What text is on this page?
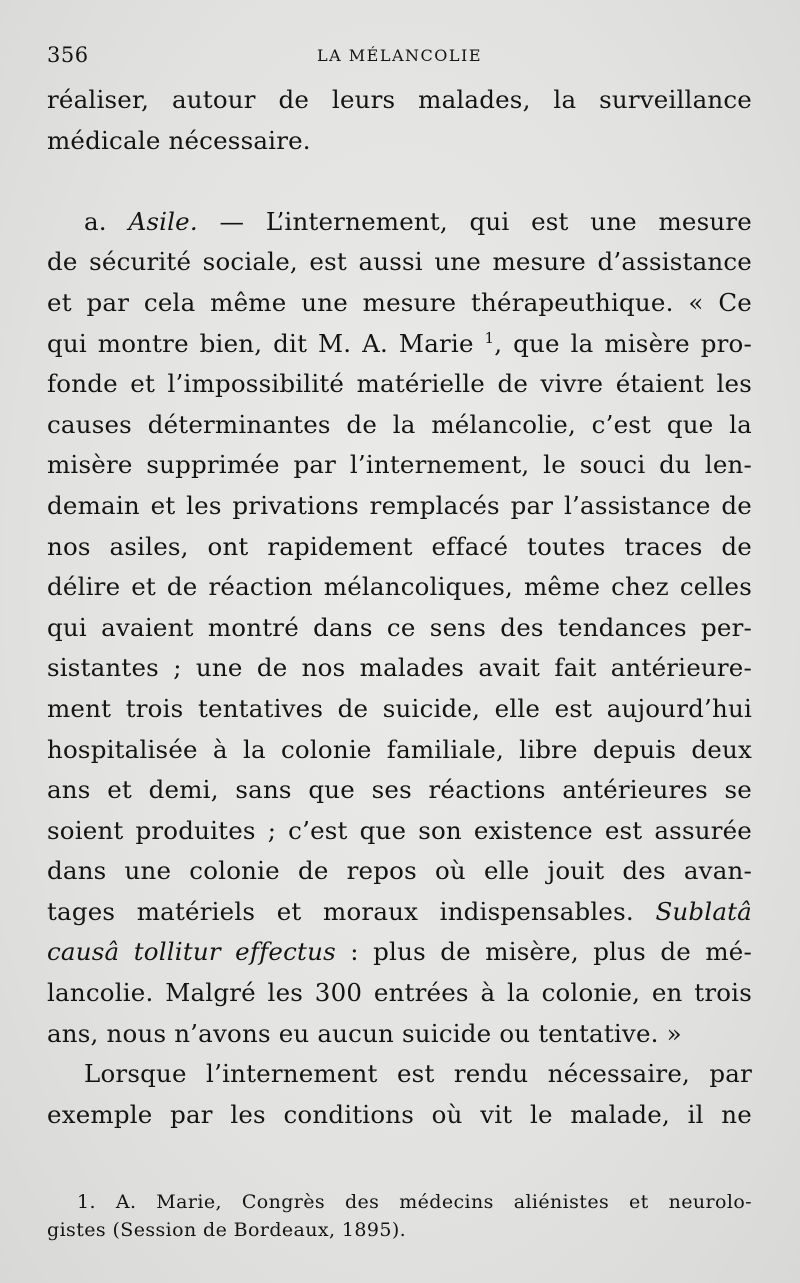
356	LA MÉLANCOLIE
réaliser, autour de leurs malades, la surveillance
médicale nécessaire.
a. Asile. — L’internement, qui est une mesure
de sécurité sociale, est aussi une mesure d’assistance
et par cela même une mesure thérapeuthique. « Ce
qui montre bien, dit M. A. Marie $^1$, que la misère pro-
fonde et l’impossibilité matérielle de vivre étaient les
causes déterminantes de la mélancolie, c’est que la
misère supprimée par l’internement, le souci du len-
demain et les privations remplacés par l’assistance de
nos asiles, ont rapidement effacé toutes traces de
délire et de réaction mélancoliques, même chez celles
qui avaient montré dans ce sens des tendances per-
sistantes ; une de nos malades avait fait antérieure-
ment trois tentatives de suicide, elle est aujourd’hui
hospitalisée à la colonie familiale, libre depuis deux
ans et demi, sans que ses réactions antérieures se
soient produites ; c’est que son existence est assurée
dans une colonie de repos où elle jouit des avan-
tages matériels et moraux indispensables. Sublatâ
causâ tollitur effectus : plus de misère, plus de mé-
lancolie. Malgré les 300 entrées à la colonie, en trois
ans, nous n’avons eu aucun suicide ou tentative. »
Lorsque l’internement est rendu nécessaire, par
exemple par les conditions où vit le malade, il ne
1. A. Marie, Congrès des médecins aliénistes et neurolo-
gistes (Session de Bordeaux, 1895).
